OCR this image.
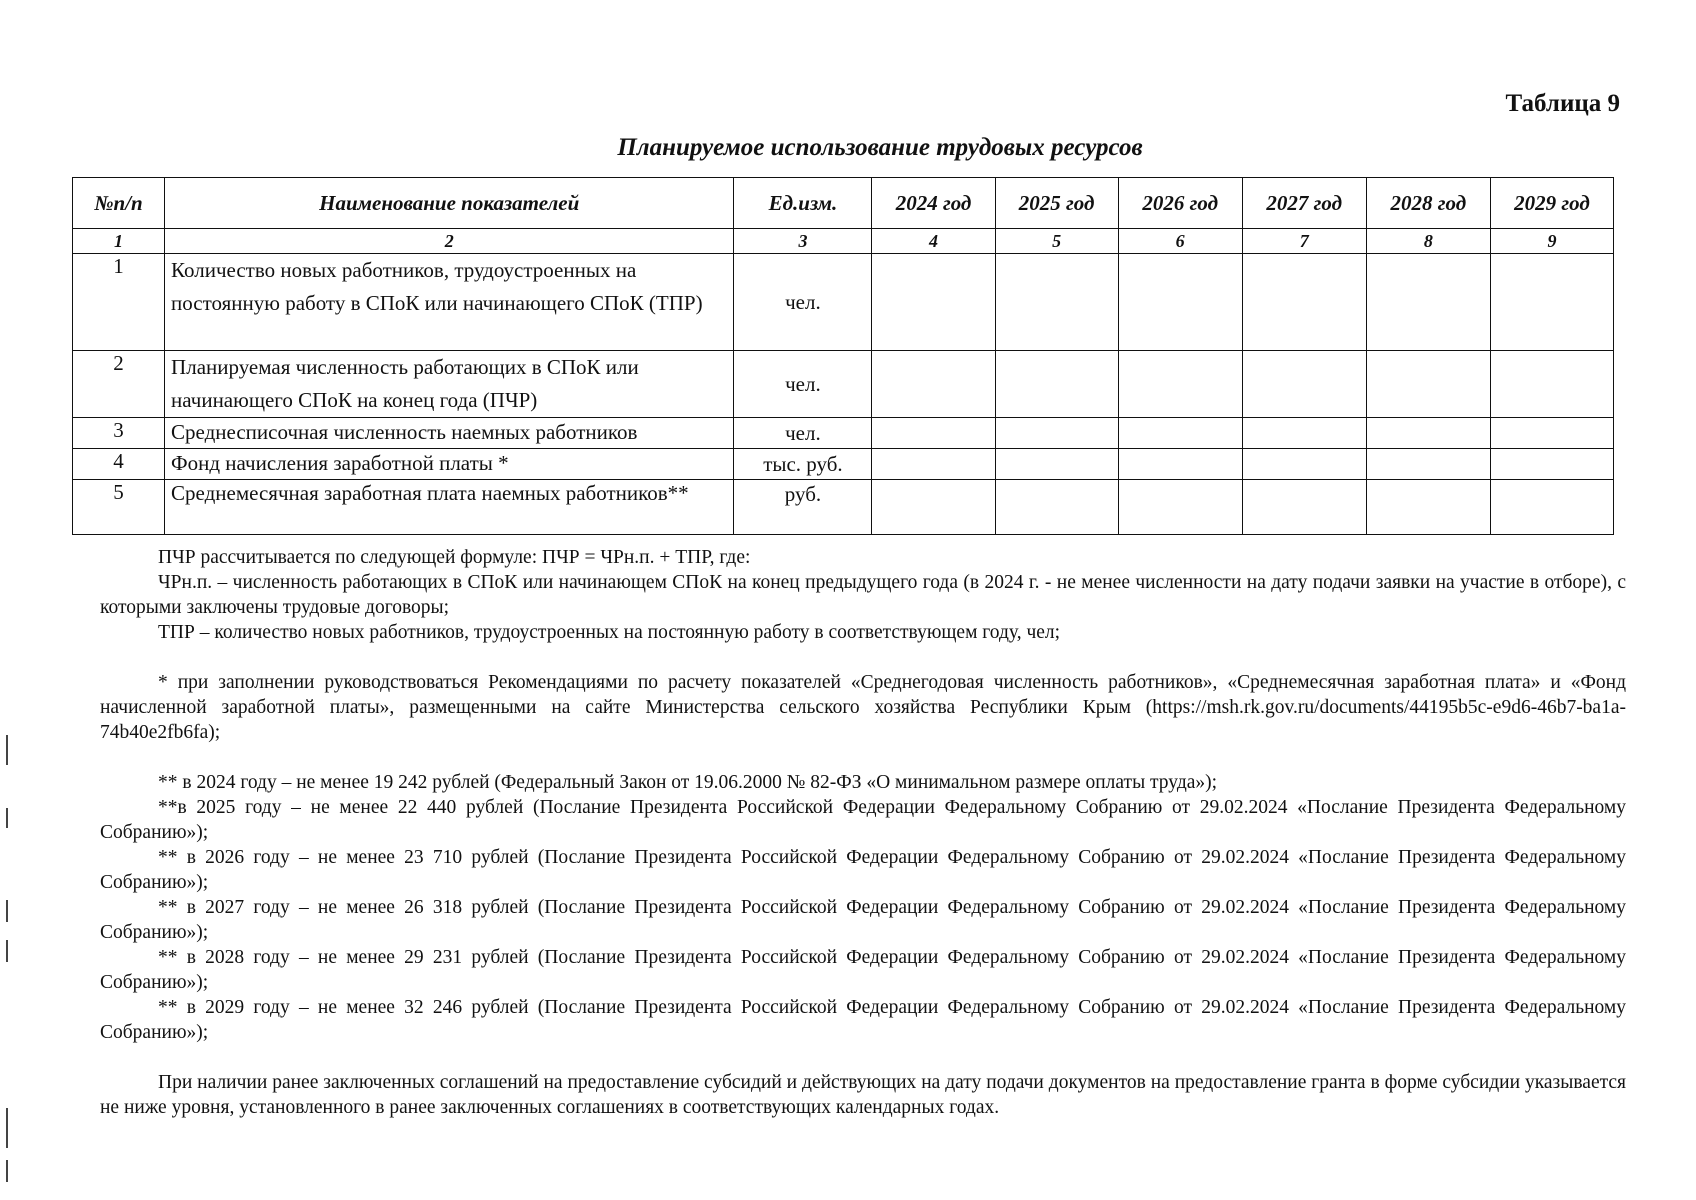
Таблица 9
Планируемое использование трудовых ресурсов
№п/п	Наименование показателей	Ед.изм.	2024 год	2025 год	2026 год	2027 год	2028 год	2029 год
1	2	3	4	5	6	7	8	9
1	Количество новых работников, трудоустроенных на постоянную работу в СПоК или начинающего СПоК (ТПР)	чел.						
2	Планируемая численность работающих в СПоК или начинающего СПоК на конец года (ПЧР)	чел.						
3	Среднесписочная численность наемных работников	чел.						
4	Фонд начисления заработной платы *	тыс. руб.						
5	Среднемесячная заработная плата наемных работников**	руб.						

ПЧР рассчитывается по следующей формуле: ПЧР = ЧРн.п. + ТПР, где:

ЧРн.п. – численность работающих в СПоК или начинающем СПоК на конец предыдущего года (в 2024 г. - не менее численности на дату подачи заявки на участие в отборе), с которыми заключены трудовые договоры;

ТПР – количество новых работников, трудоустроенных на постоянную работу в соответствующем году, чел;

* при заполнении руководствоваться Рекомендациями по расчету показателей «Среднегодовая численность работников», «Среднемесячная заработная плата» и «Фонд начисленной заработной платы», размещенными на сайте Министерства сельского хозяйства Республики Крым (https://msh.rk.gov.ru/documents/44195b5c-e9d6-46b7-ba1a-74b40e2fb6fa);

** в 2024 году – не менее 19 242 рублей (Федеральный Закон от 19.06.2000 № 82-ФЗ «О минимальном размере оплаты труда»);

**в 2025 году – не менее 22 440 рублей (Послание Президента Российской Федерации Федеральному Собранию от 29.02.2024 «Послание Президента Федеральному Собранию»);

** в 2026 году – не менее 23 710 рублей (Послание Президента Российской Федерации Федеральному Собранию от 29.02.2024 «Послание Президента Федеральному Собранию»);

** в 2027 году – не менее 26 318 рублей (Послание Президента Российской Федерации Федеральному Собранию от 29.02.2024 «Послание Президента Федеральному Собранию»);

** в 2028 году – не менее 29 231 рублей (Послание Президента Российской Федерации Федеральному Собранию от 29.02.2024 «Послание Президента Федеральному Собранию»);

** в 2029 году – не менее 32 246 рублей (Послание Президента Российской Федерации Федеральному Собранию от 29.02.2024 «Послание Президента Федеральному Собранию»);

При наличии ранее заключенных соглашений на предоставление субсидий и действующих на дату подачи документов на предоставление гранта в форме субсидии указывается не ниже уровня, установленного в ранее заключенных соглашениях в соответствующих календарных годах.
